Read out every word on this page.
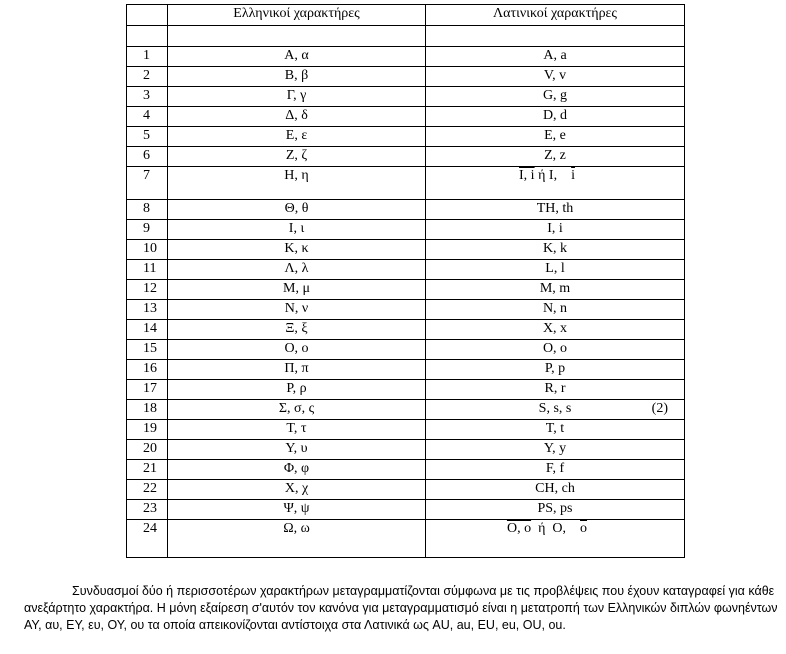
	Ελληνικοί χαρακτήρες	Λατινικοί χαρακτήρες

1	Α, α	A, a
2	Β, β	V, v
3	Γ, γ	G, g
4	Δ, δ	D, d
5	Ε, ε	E, e
6	Ζ, ζ	Z, z
7	Η, η	I, i ή I, $\overline{i}$
8	Θ, θ	TH, th
9	Ι, ι	I, i
10	Κ, κ	K, k
11	Λ, λ	L, l
12	Μ, μ	M, m
13	Ν, ν	N, n
14	Ξ, ξ	X, x
15	Ο, ο	O, o
16	Π, π	P, p
17	Ρ, ρ	R, r
18	Σ, σ, ς	S, s, s (2)

19	Τ, τ	T, t
20	Υ, υ	Y, y
21	Φ, φ	F, f
22	Χ, χ	CH, ch
23	Ψ, ψ	PS, ps
24	Ω, ω	O, o  ή  O, $\overline{o}$

Συνδυασμοί δύο ή περισσοτέρων χαρακτήρων μεταγραμματίζονται σύμφωνα με τις προβλέψεις που έχουν καταγραφεί για κάθε ανεξάρτητο χαρακτήρα. Η μόνη εξαίρεση σ'αυτόν τον κανόνα για μεταγραμματισμό είναι η μετατροπή των Ελληνικών διπλών φωνηέντων ΑΥ, αυ, ΕΥ, ευ, ΟΥ, ου τα οποία απεικονίζονται αντίστοιχα στα Λατινικά ως AU, au, EU, eu, OU, ou.
